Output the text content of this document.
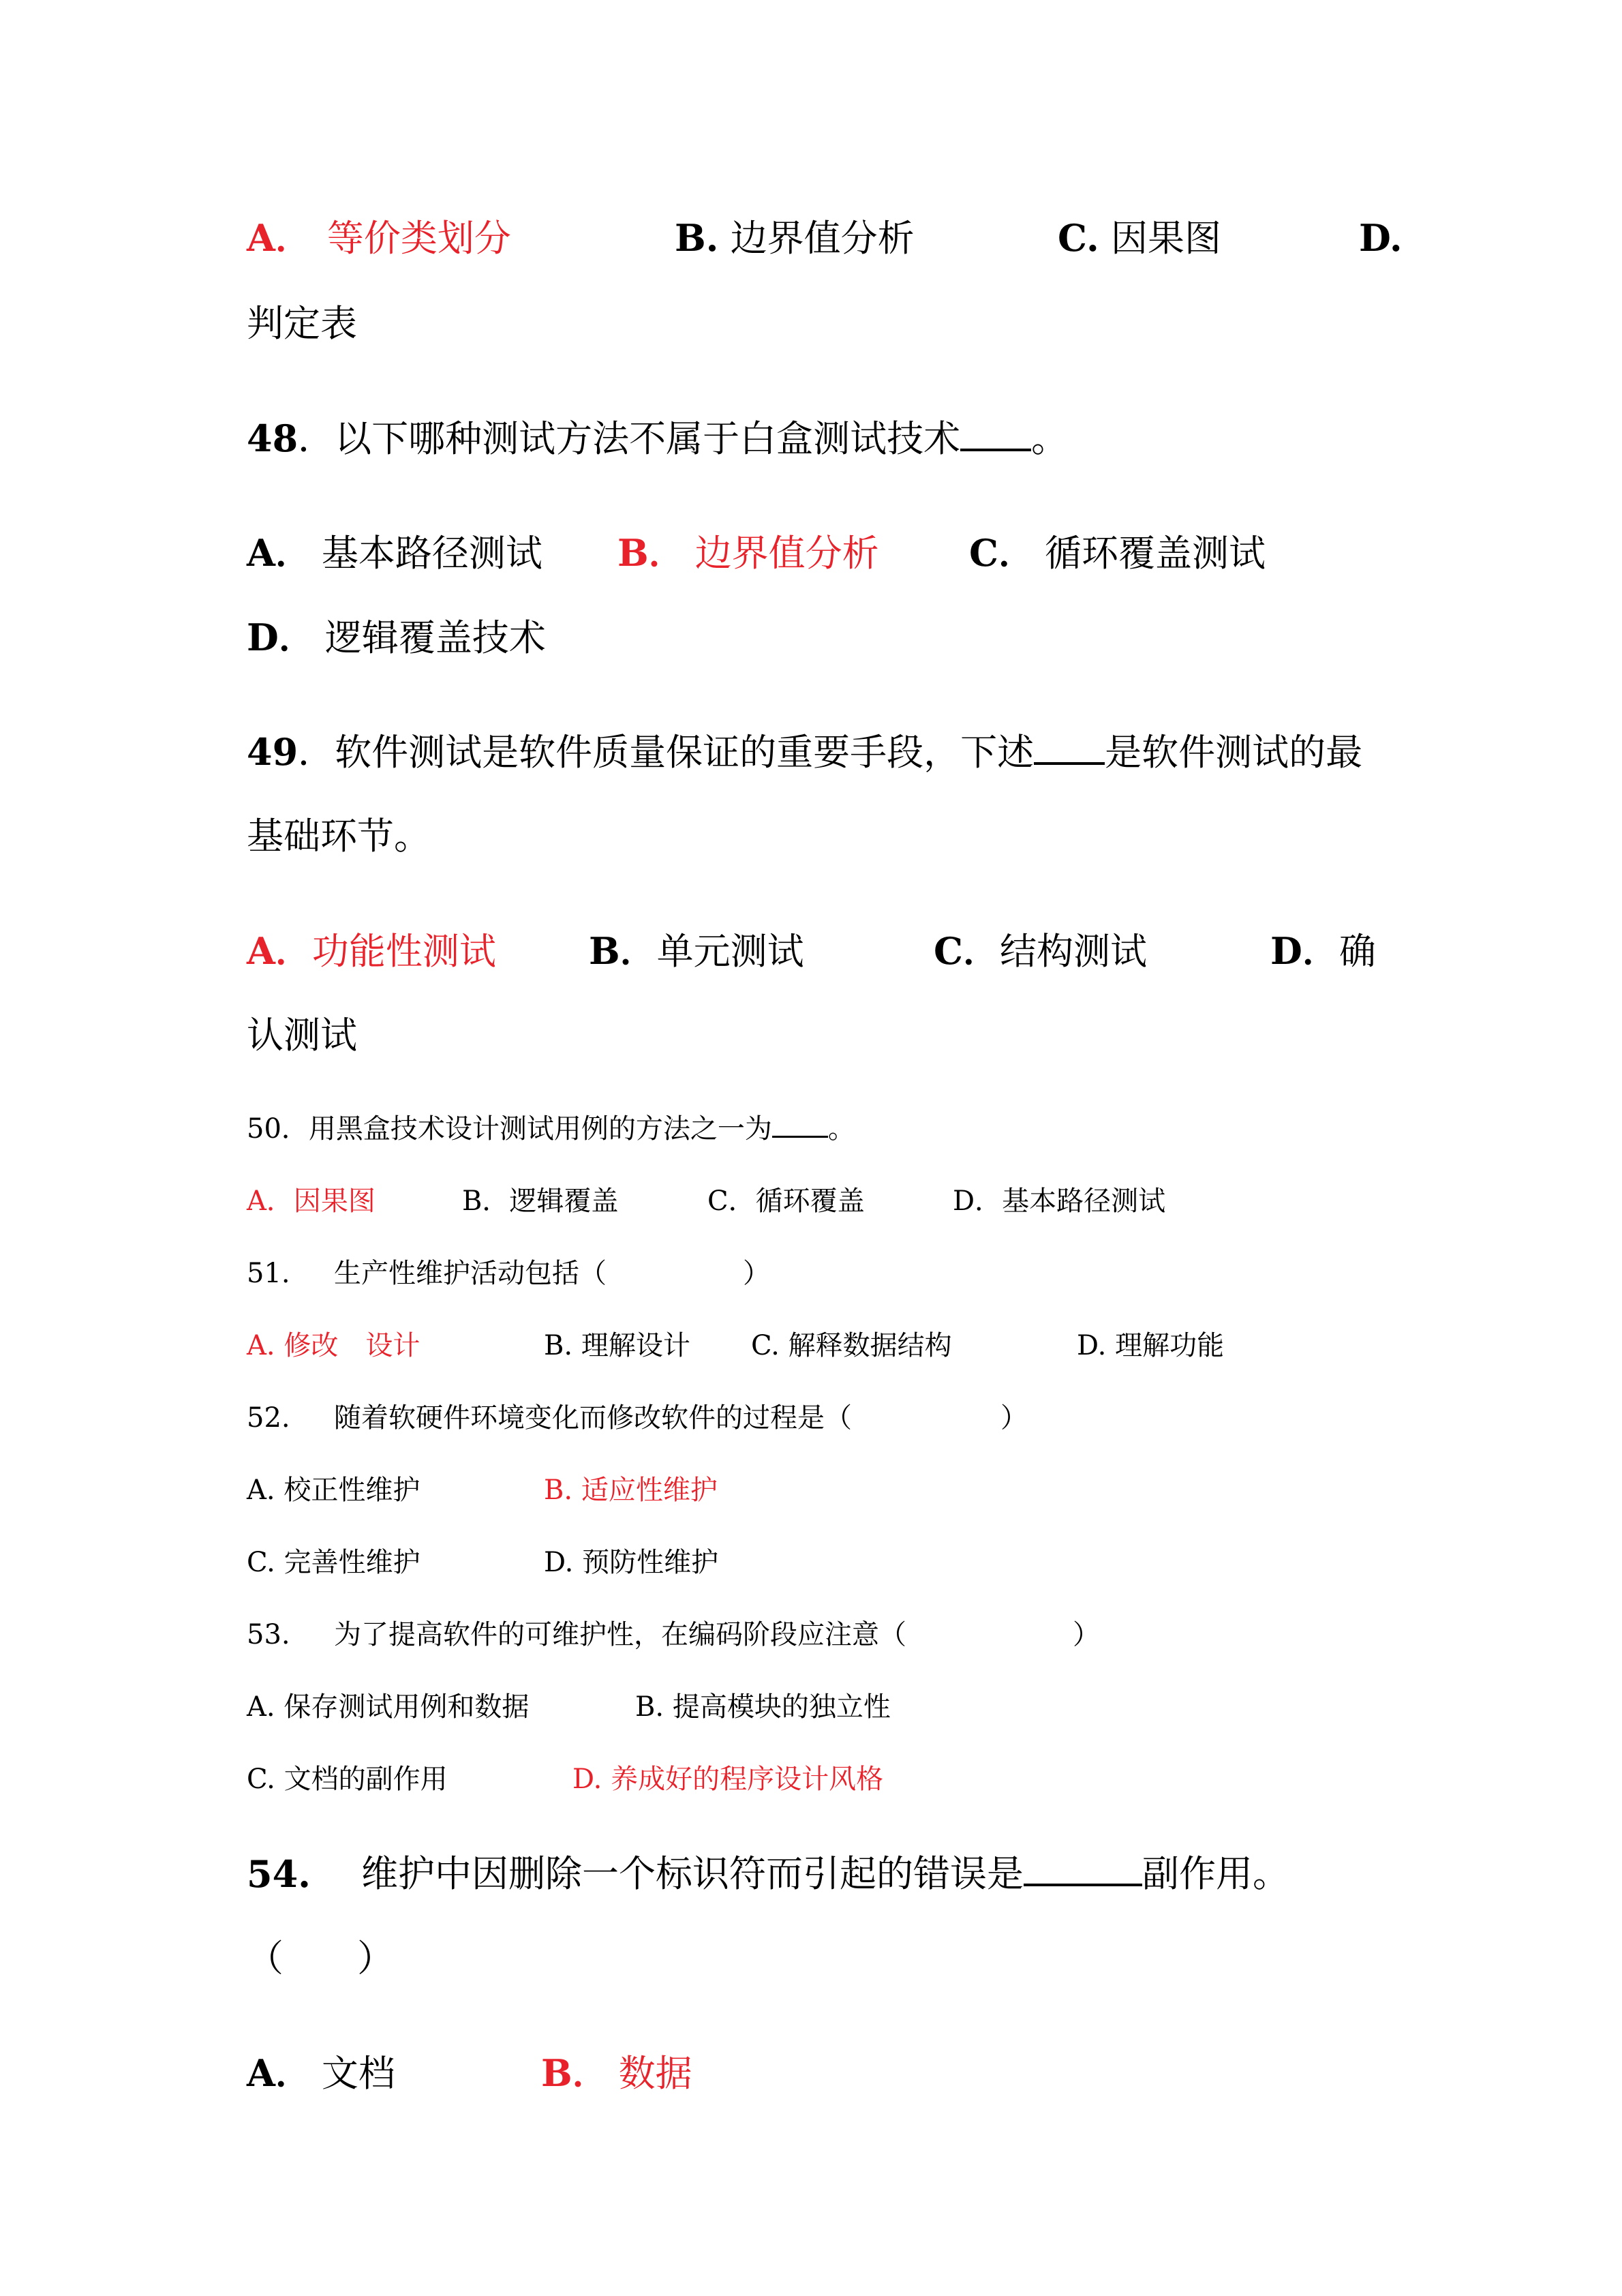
A． 等价类划分	B. 边界值分析	C. 因果图	D.
判定表
48．以下哪种测试方法不属于白盒测试技术 。
A． 基本路径测试 B． 边界值分析 C． 循环覆盖测试
D． 逻辑覆盖技术
49．软件测试是软件质量保证的重要手段，下述 是软件测试的最
基础环节。
A．功能性测试	B．单元测试	C．结构测试	D．确
认测试
50．用黑盒技术设计测试用例的方法之一为 。
A．因果图	B．逻辑覆盖	C．循环覆盖	D．基本路径测试
51. 生产性维护活动包括（	）
A. 修改　设计	B. 理解设计 C. 解释数据结构	D. 理解功能
52. 随着软硬件环境变化而修改软件的过程是（	）
A. 校正性维护	B. 适应性维护
C. 完善性维护	D. 预防性维护
53. 为了提高软件的可维护性，在编码阶段应注意（	）
A. 保存测试用例和数据	B. 提高模块的独立性
C. 文档的副作用	D. 养成好的程序设计风格
54. 维护中因删除一个标识符而引起的错误是	副作用。
（　　）
A． 文档	B． 数据
